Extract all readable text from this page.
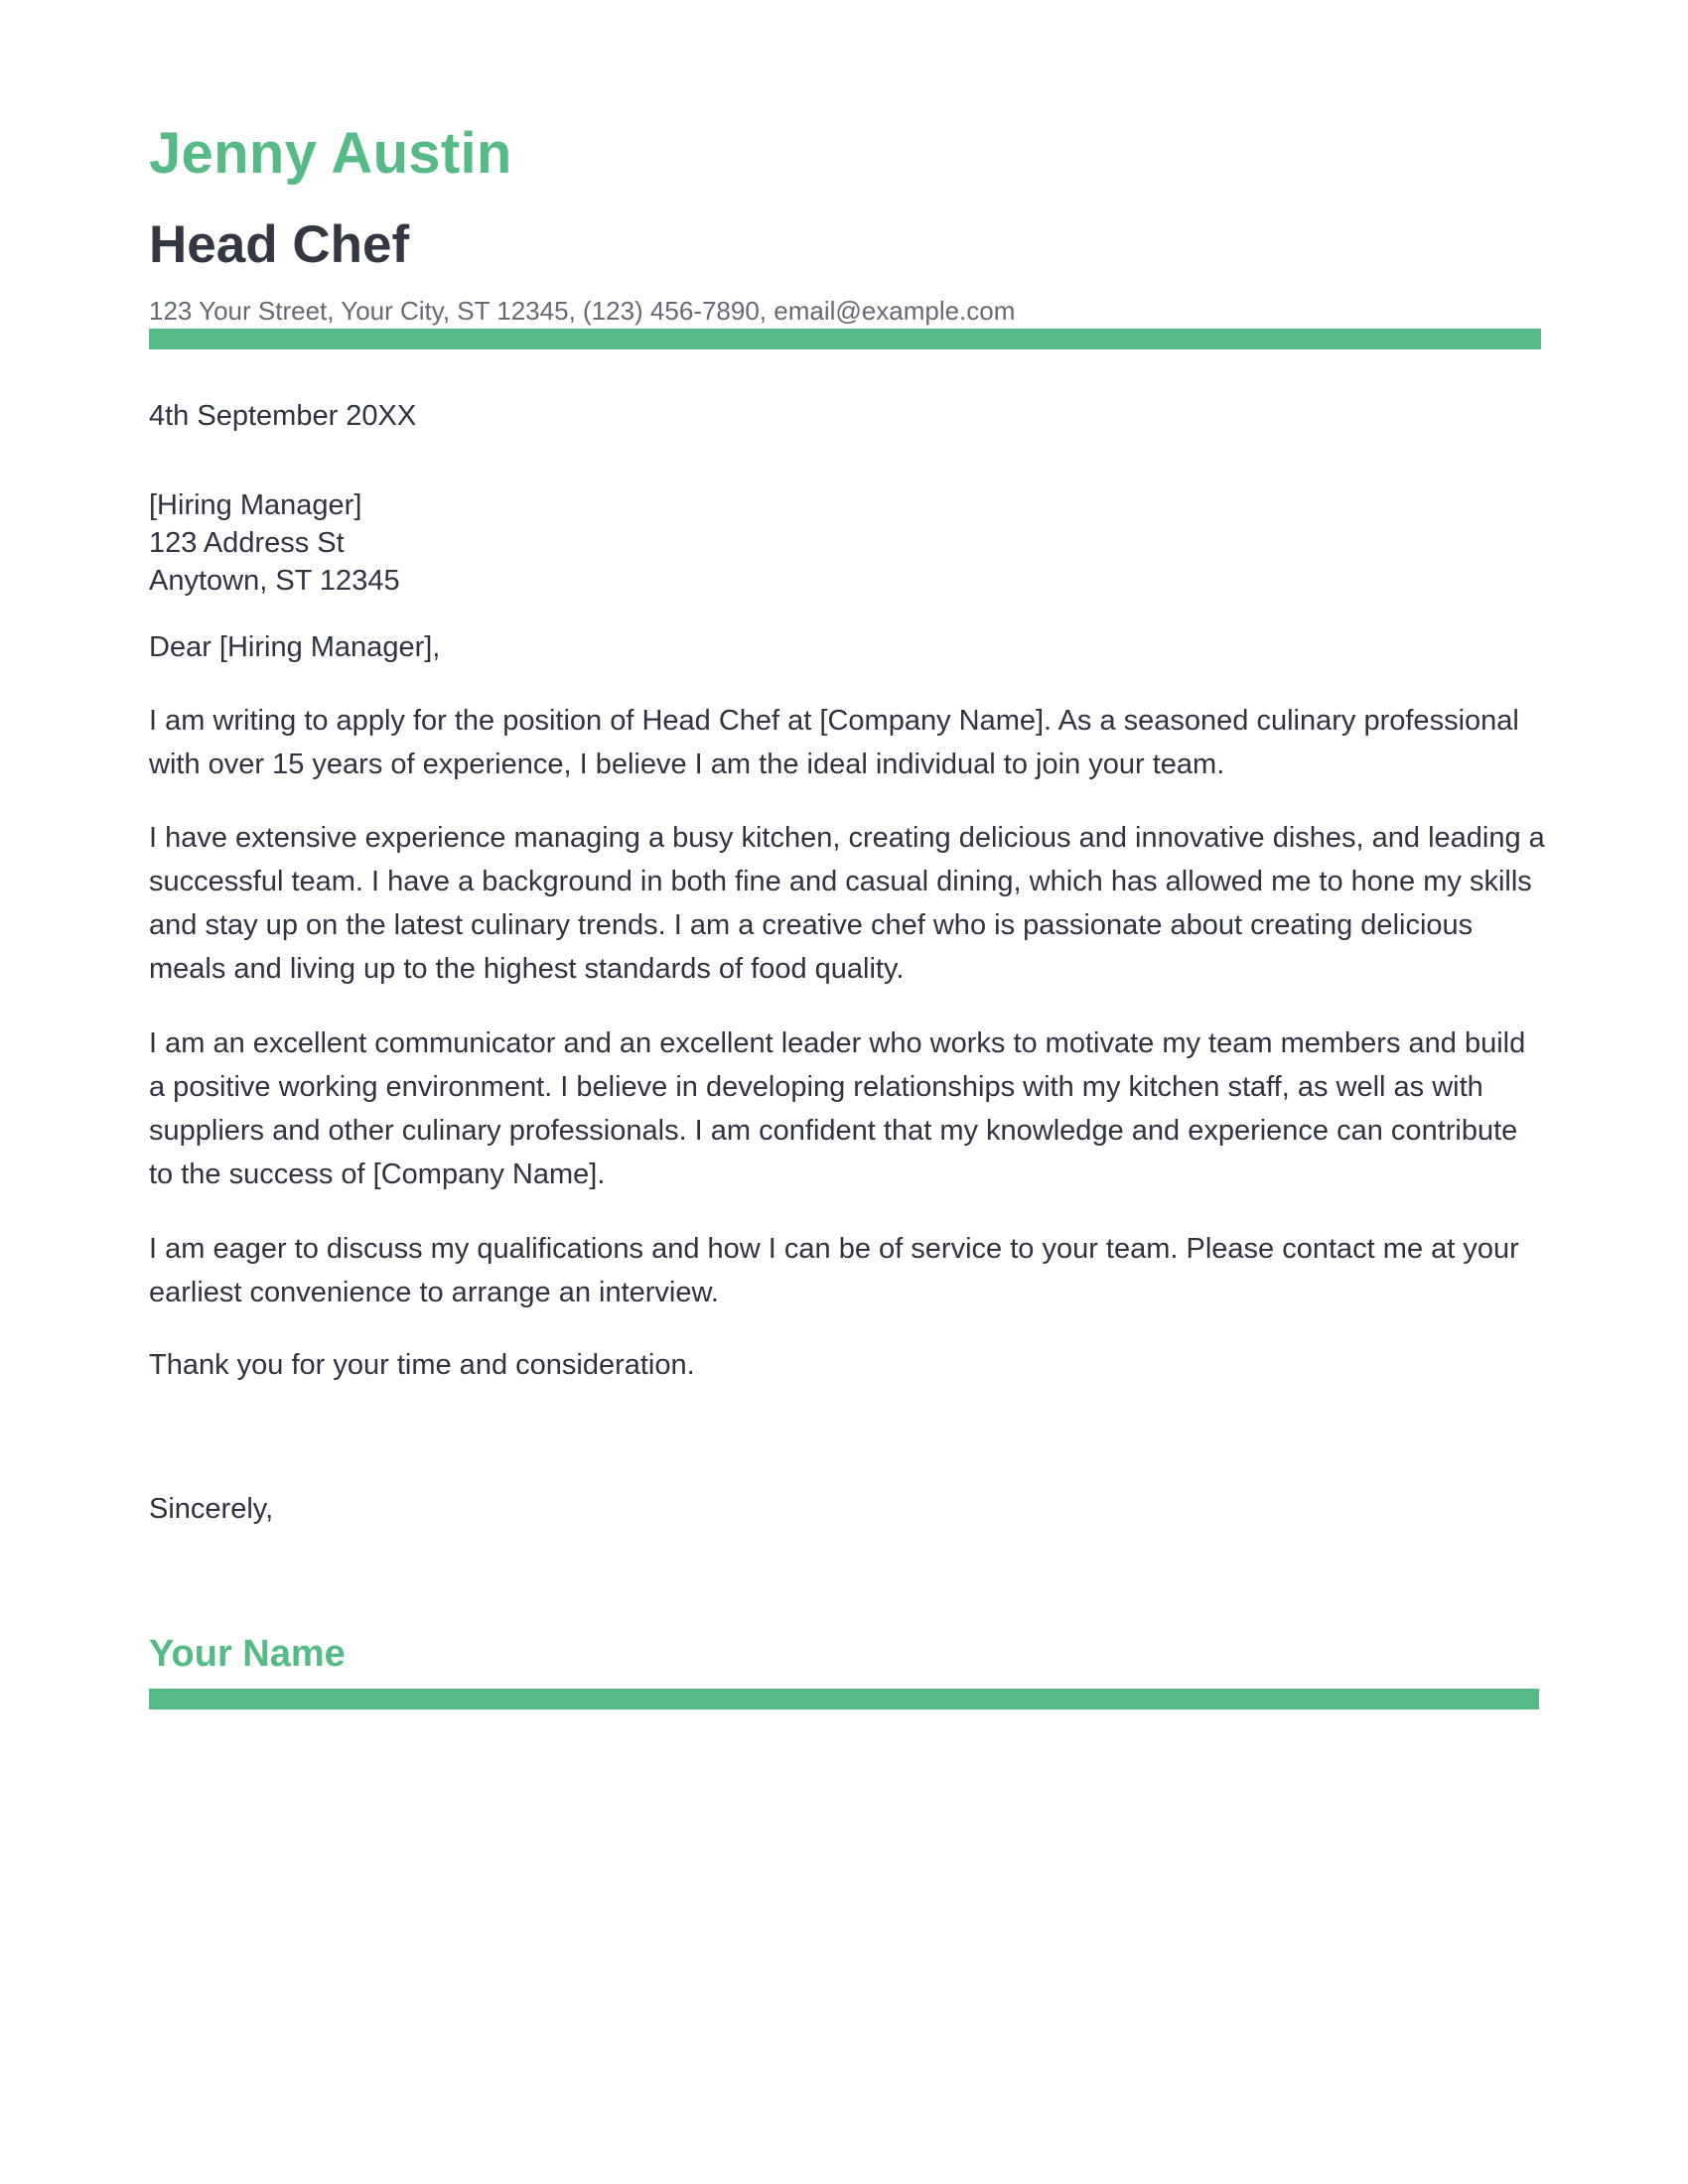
Jenny Austin
Head Chef
123 Your Street, Your City, ST 12345, (123) 456-7890, email@example.com
4th September 20XX
[Hiring Manager]
123 Address St
Anytown, ST 12345
Dear [Hiring Manager],
I am writing to apply for the position of Head Chef at [Company Name]. As a seasoned culinary professional with over 15 years of experience, I believe I am the ideal individual to join your team.
I have extensive experience managing a busy kitchen, creating delicious and innovative dishes, and leading a successful team. I have a background in both fine and casual dining, which has allowed me to hone my skills and stay up on the latest culinary trends. I am a creative chef who is passionate about creating delicious meals and living up to the highest standards of food quality.
I am an excellent communicator and an excellent leader who works to motivate my team members and build a positive working environment. I believe in developing relationships with my kitchen staff, as well as with suppliers and other culinary professionals. I am confident that my knowledge and experience can contribute to the success of [Company Name].
I am eager to discuss my qualifications and how I can be of service to your team. Please contact me at your earliest convenience to arrange an interview.
Thank you for your time and consideration.
Sincerely,
Your Name
